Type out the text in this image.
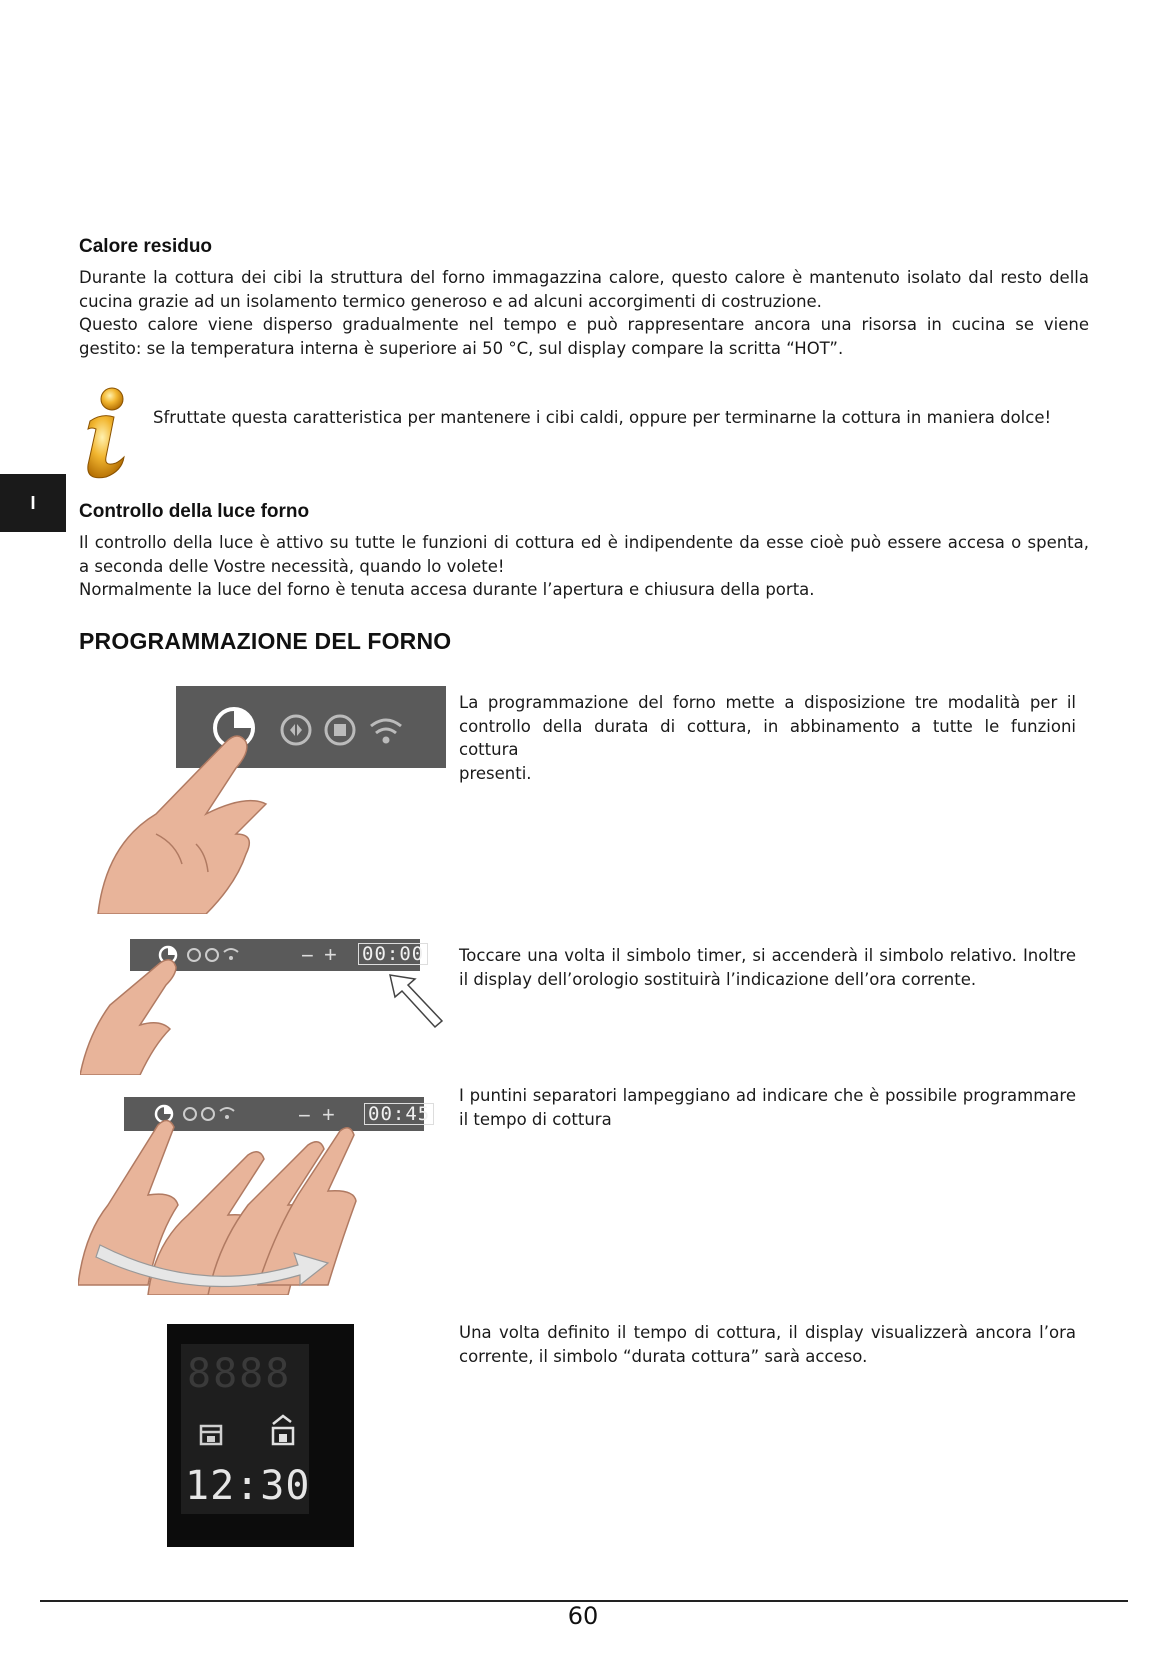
I
Calore residuo
Durante la cottura dei cibi la struttura del forno immagazzina calore, questo calore è mantenuto isolato dal resto della
cucina grazie ad un isolamento termico generoso e ad alcuni accorgimenti di costruzione.
Questo calore viene disperso gradualmente nel tempo e può rappresentare ancora una risorsa in cucina se viene
gestito: se la temperatura interna è superiore ai 50 °C, sul display compare la scritta “HOT”.
Sfruttate questa caratteristica per mantenere i cibi caldi, oppure per terminarne la cottura in maniera dolce!
Controllo della luce forno
Il controllo della luce è attivo su tutte le funzioni di cottura ed è indipendente da esse cioè può essere accesa o spenta,
a seconda delle Vostre necessità, quando lo volete!
Normalmente la luce del forno è tenuta accesa durante l’apertura e chiusura della porta.
PROGRAMMAZIONE DEL FORNO
La programmazione del forno mette a disposizione tre modalità per il
controllo della durata di cottura, in abbinamento a tutte le funzioni cottura
presenti.
− + 00:00 Toccare una volta il simbolo timer, si accenderà il simbolo relativo. Inoltre
il display dell’orologio sostituirà l’indicazione dell’ora corrente.
− + 00:45
I puntini separatori lampeggiano ad indicare che è possibile programmare
il tempo di cottura
8888
12:30
Una volta definito il tempo di cottura, il display visualizzerà ancora l’ora
corrente, il simbolo “durata cottura” sarà acceso.
60
